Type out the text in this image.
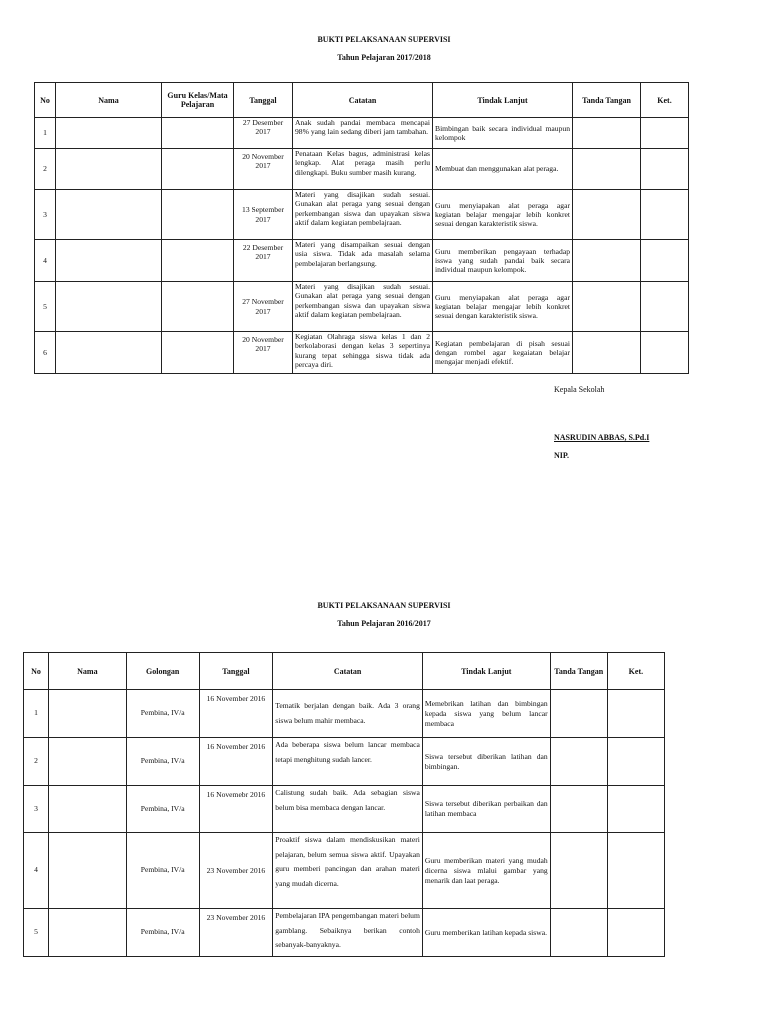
BUKTI PELAKSANAAN SUPERVISI
Tahun Pelajaran 2017/2018
No	Nama	Guru Kelas/Mata Pelajaran	Tanggal	Catatan	Tindak Lanjut	Tanda Tangan	Ket.
1			27 Desember 2017	Anak sudah pandai membaca mencapai 98% yang lain sedang diberi jam tambahan.	Bimbingan baik secara individual maupun kelompok		
2			20 November 2017	Penataan Kelas bagus, administrasi kelas lengkap. Alat peraga masih perlu dilengkapi. Buku sumber masih kurang.	Membuat dan menggunakan alat peraga.		
3			13 September 2017	Materi yang disajikan sudah sesuai. Gunakan alat peraga yang sesuai dengan perkembangan siswa dan upayakan siswa aktif dalam kegiatan pembelajraan.	Guru menyiapakan alat peraga agar kegiatan belajar mengajar lebih konkret sesuai dengan karakteristik siswa.		
4			22 Desember 2017	Materi yang disampaikan sesuai dengan usia siswa. Tidak ada masalah selama pembelajaran berlangsung.	Guru memberikan pengayaan terhadap isswa yang sudah pandai baik secara individual maupun kelompok.		
5			27 November 2017	Materi yang disajikan sudah sesuai. Gunakan alat peraga yang sesuai dengan perkembangan siswa dan upayakan siswa aktif dalam kegiatan pembelajraan.	Guru menyiapakan alat peraga agar kegiatan belajar mengajar lebih konkret sesuai dengan karakteristik siswa.		
6			20 November 2017	Kegiatan Olahraga siswa kelas 1 dan 2 berkolaborasi dengan kelas 3 sepertinya kurang tepat sehingga siswa tidak ada percaya diri.	Kegiatan pembelajaran di pisah sesuai dengan rombel agar kegaiatan belajar mengajar menjadi efektif.		
Kepala Sekolah
NASRUDIN ABBAS, S.Pd.I
NIP.
BUKTI PELAKSANAAN SUPERVISI
Tahun Pelajaran 2016/2017
No	Nama	Golongan	Tanggal	Catatan	Tindak Lanjut	Tanda Tangan	Ket.
1		Pembina, IV/a	16 November 2016	Tematik berjalan dengan baik. Ada 3 orang siswa belum mahir membaca.	Memebrikan latihan dan bimbingan kepada siswa yang belum lancar membaca		
2		Pembina, IV/a	16 November 2016	Ada beberapa siswa belum lancar membaca tetapi menghitung sudah lancer.	Siswa tersebut diberikan latihan dan bimbingan.		
3		Pembina, IV/a	16 Novemebr 2016	Calistung sudah baik. Ada sebagian siswa belum bisa membaca dengan lancar.	Siswa tersebut diberikan perbaikan dan latihan membaca		
4		Pembina, IV/a	23 November 2016	Proaktif siswa dalam mendiskusikan materi pelajaran, belum semua siswa aktif. Upayakan guru memberi pancingan dan arahan materi yang mudah dicerna.	Guru memberikan materi yang mudah dicerna siswa mlalui gambar yang menarik dan laat peraga.		
5		Pembina, IV/a	23 November 2016	Pembelajaran IPA pengembangan materi belum gamblang. Sebaiknya berikan contoh sebanyak-banyaknya.	Guru memberikan latihan kepada siswa.		
